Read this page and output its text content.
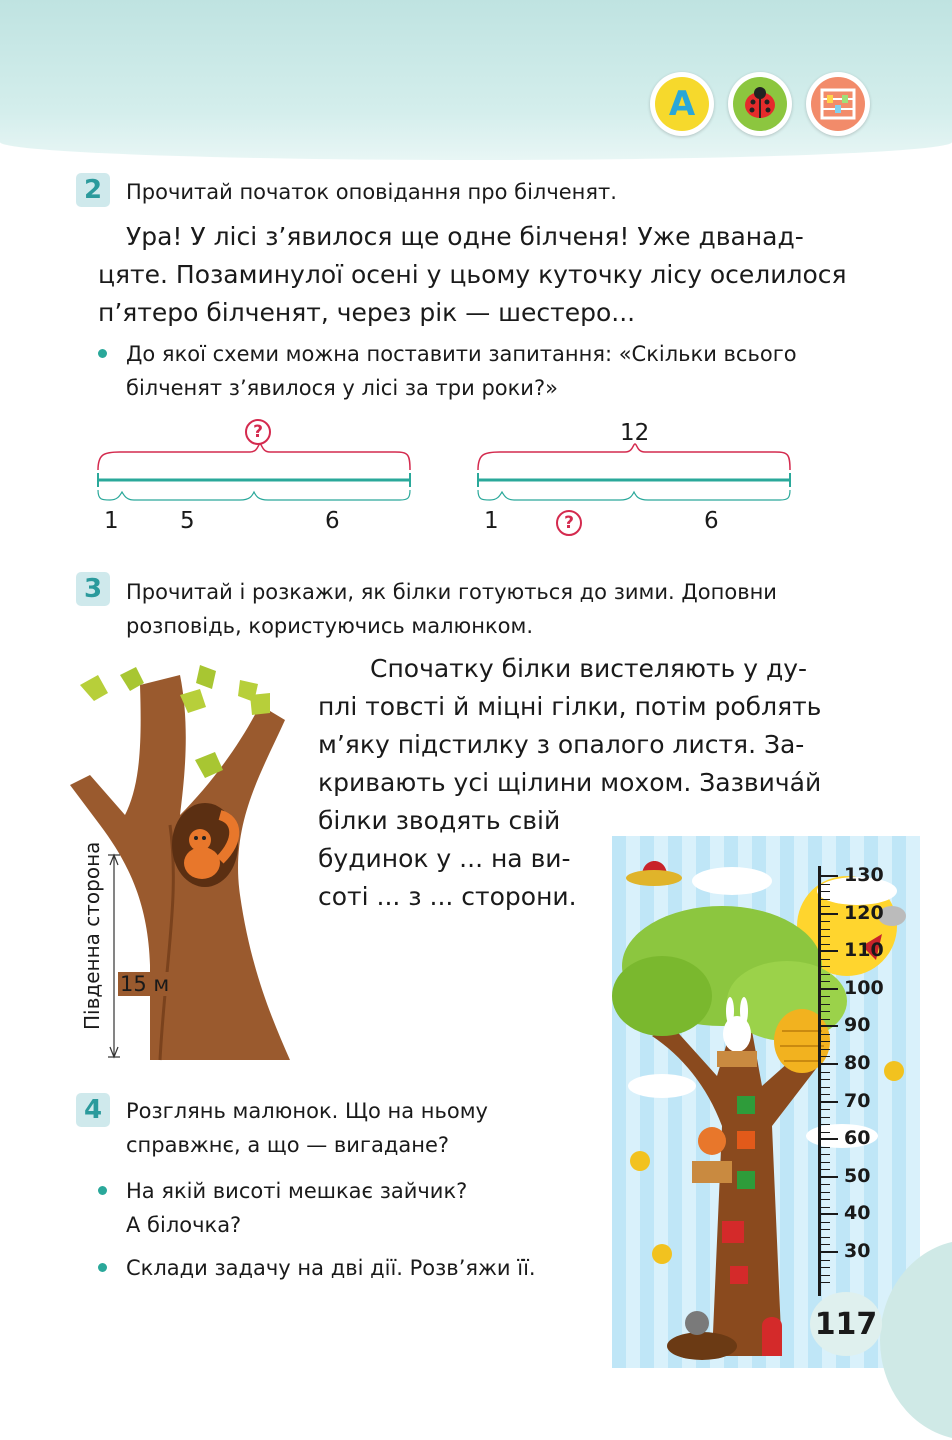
A
2	Прочитай початок оповідання про білченят.
Ура! У лісі з’явилося ще одне білченя! Уже дванад-
цяте. Позаминулої осені у цьому куточку лісу оселилося
п’ятеро білченят, через рік — шестеро...
До якої схеми можна поставити запитання: «Скільки всього
білченят з’явилося у лісі за три роки?»
?
1	5	6
12
1	?	6
3	Прочитай і розкажи, як білки готуються до зими. Доповни
розповідь, користуючись малюнком.
Спочатку білки вистеляють у ду-
плі товсті й міцні гілки, потім роблять
м’яку підстилку з опалого листя. За-
кривають усі щілини мохом. Зазвичáй
білки зводять свій
будинок у ... на ви-
соті ... з ... сторони.
Південна сторона 15 м
4	Розглянь малюнок. Що на ньому
справжнє, а що — вигадане?
На якій висоті мешкає зайчик?
А білочка?
Склади задачу на дві дії. Розв’яжи її.
130
120
110
100
90
80
70
60
50
40
30
117
